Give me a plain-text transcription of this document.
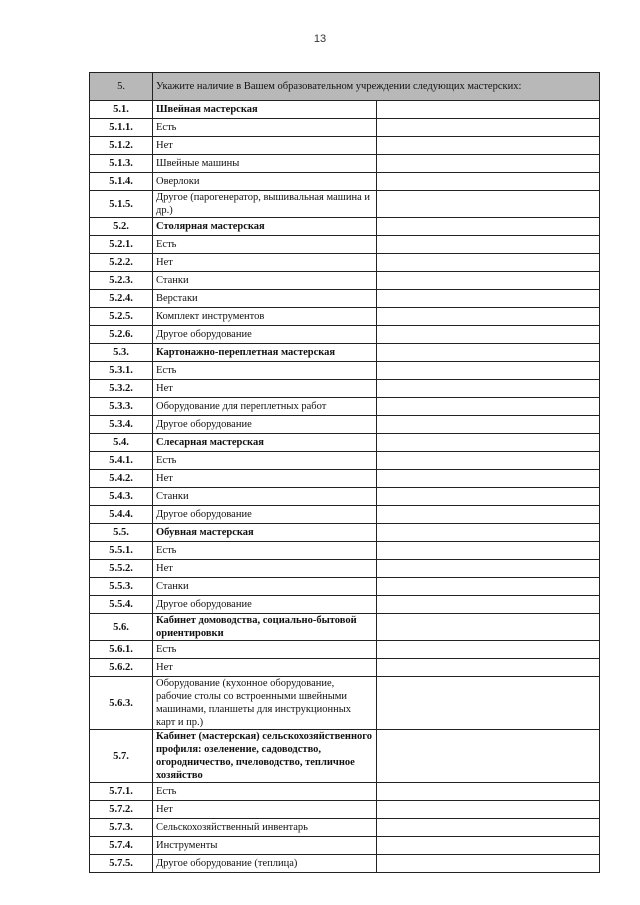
13
5.	Укажите наличие в Вашем образовательном учреждении следующих мастерских:	
5.1.	Швейная мастерская	
5.1.1.	Есть	
5.1.2.	Нет	
5.1.3.	Швейные машины	
5.1.4.	Оверлоки	
5.1.5.	Другое (парогенератор, вышивальная машина и др.)	
5.2.	Столярная мастерская	
5.2.1.	Есть	
5.2.2.	Нет	
5.2.3.	Станки	
5.2.4.	Верстаки	
5.2.5.	Комплект инструментов	
5.2.6.	Другое оборудование	
5.3.	Картонажно-переплетная мастерская	
5.3.1.	Есть	
5.3.2.	Нет	
5.3.3.	Оборудование для переплетных работ	
5.3.4.	Другое оборудование	
5.4.	Слесарная мастерская	
5.4.1.	Есть	
5.4.2.	Нет	
5.4.3.	Станки	
5.4.4.	Другое оборудование	
5.5.	Обувная мастерская	
5.5.1.	Есть	
5.5.2.	Нет	
5.5.3.	Станки	
5.5.4.	Другое оборудование	
5.6.	Кабинет домоводства, социально-бытовой ориентировки	
5.6.1.	Есть	
5.6.2.	Нет	
5.6.3.	Оборудование (кухонное оборудование, рабочие столы со встроенными швейными машинами, планшеты для инструкционных карт и пр.)	
5.7.	Кабинет (мастерская) сельскохозяйственного профиля: озеленение, садоводство, огородничество, пчеловодство, тепличное хозяйство	
5.7.1.	Есть	
5.7.2.	Нет	
5.7.3.	Сельскохозяйственный инвентарь	
5.7.4.	Инструменты	
5.7.5.	Другое оборудование (теплица)	
